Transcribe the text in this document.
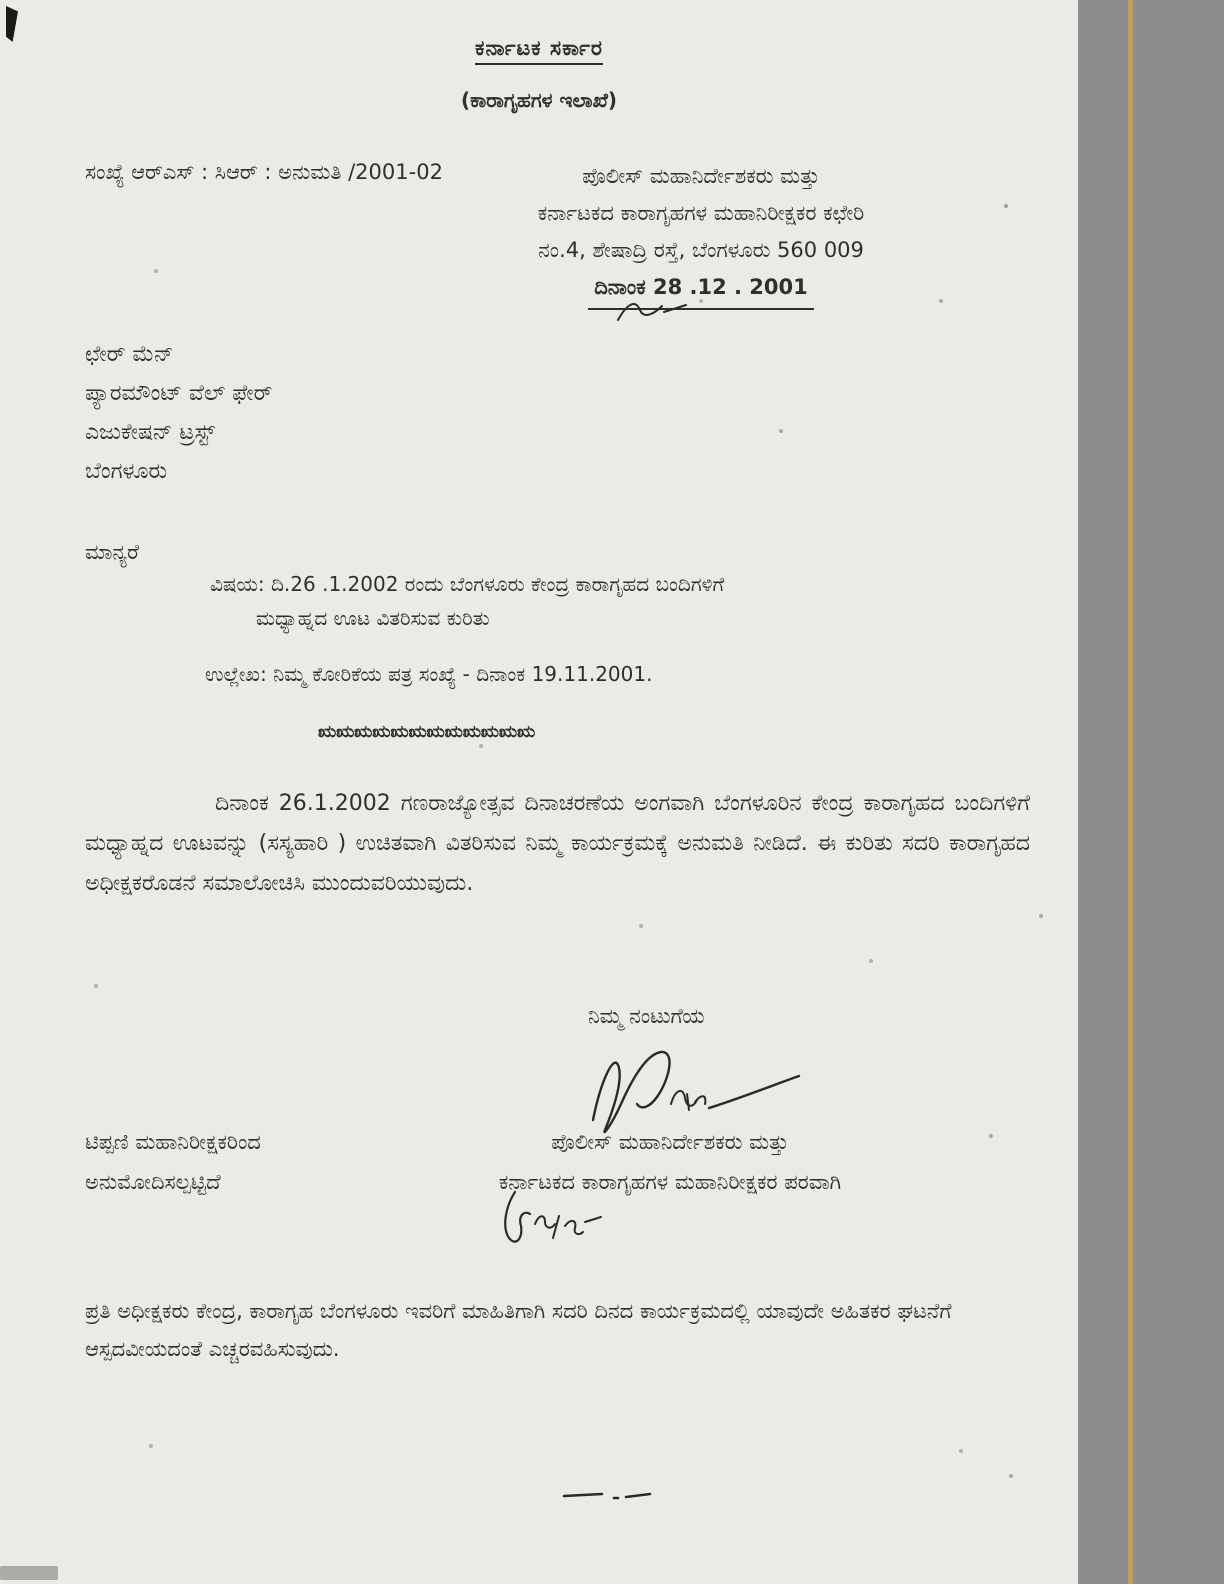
ಕರ್ನಾಟಕ ಸರ್ಕಾರ
(ಕಾರಾಗೃಹಗಳ ಇಲಾಖೆ)
ಸಂಖ್ಯೆ ಆರ್‌ಎಸ್ : ಸಿಆರ್ : ಅನುಮತಿ /2001-02	ಪೊಲೀಸ್ ಮಹಾನಿರ್ದೇಶಕರು ಮತ್ತು
ಕರ್ನಾಟಕದ ಕಾರಾಗೃಹಗಳ ಮಹಾನಿರೀಕ್ಷಕರ ಕಛೇರಿ
ನಂ.4, ಶೇಷಾದ್ರಿ ರಸ್ತೆ, ಬೆಂಗಳೂರು 560 009
ದಿನಾಂಕ 28 .12 . 2001
ಛೇರ್ ಮೆನ್
ಪ್ಯಾರಮೌಂಟ್ ವೆಲ್ ಫೇರ್
ಎಜುಕೇಷನ್ ಟ್ರಸ್ಟ್
ಬೆಂಗಳೂರು
ಮಾನ್ಯರೆ
ವಿಷಯ: ದಿ.26 .1.2002 ರಂದು ಬೆಂಗಳೂರು ಕೇಂದ್ರ ಕಾರಾಗೃಹದ ಬಂದಿಗಳಿಗೆ
ಮಧ್ಯಾಹ್ನದ ಊಟ ವಿತರಿಸುವ ಕುರಿತು
ಉಲ್ಲೇಖ: ನಿಮ್ಮ ಕೋರಿಕೆಯ ಪತ್ರ ಸಂಖ್ಯೆ - ದಿನಾಂಕ 19.11.2001.
ಋಋಋಋಋಋಋಋಋಋಋಋ
ದಿನಾಂಕ 26.1.2002 ಗಣರಾಜ್ಯೋತ್ಸವ ದಿನಾಚರಣೆಯ ಅಂಗವಾಗಿ ಬೆಂಗಳೂರಿನ ಕೇಂದ್ರ ಕಾರಾಗೃಹದ ಬಂದಿಗಳಿಗೆ ಮಧ್ಯಾಹ್ನದ ಊಟವನ್ನು (ಸಸ್ಯಹಾರಿ ) ಉಚಿತವಾಗಿ ವಿತರಿಸುವ ನಿಮ್ಮ ಕಾರ್ಯಕ್ರಮಕ್ಕೆ ಅನುಮತಿ ನೀಡಿದೆ. ಈ ಕುರಿತು ಸದರಿ ಕಾರಾಗೃಹದ ಅಧೀಕ್ಷಕರೊಡನೆ ಸಮಾಲೋಚಿಸಿ ಮುಂದುವರಿಯುವುದು.
ನಿಮ್ಮ ನಂಟುಗೆಯ
ಪೊಲೀಸ್ ಮಹಾನಿರ್ದೇಶಕರು ಮತ್ತು
ಕರ್ನಾಟಕದ ಕಾರಾಗೃಹಗಳ ಮಹಾನಿರೀಕ್ಷಕರ ಪರವಾಗಿ
ಟಿಪ್ಪಣಿ ಮಹಾನಿರೀಕ್ಷಕರಿಂದ
ಅನುಮೋದಿಸಲ್ಪಟ್ಟಿದೆ
ಪ್ರತಿ ಅಧೀಕ್ಷಕರು ಕೇಂದ್ರ, ಕಾರಾಗೃಹ ಬೆಂಗಳೂರು ಇವರಿಗೆ ಮಾಹಿತಿಗಾಗಿ ಸದರಿ ದಿನದ ಕಾರ್ಯಕ್ರಮದಲ್ಲಿ ಯಾವುದೇ ಅಹಿತಕರ ಘಟನೆಗೆ ಆಸ್ಪದವೀಯದಂತೆ ಎಚ್ಚರವಹಿಸುವುದು.
